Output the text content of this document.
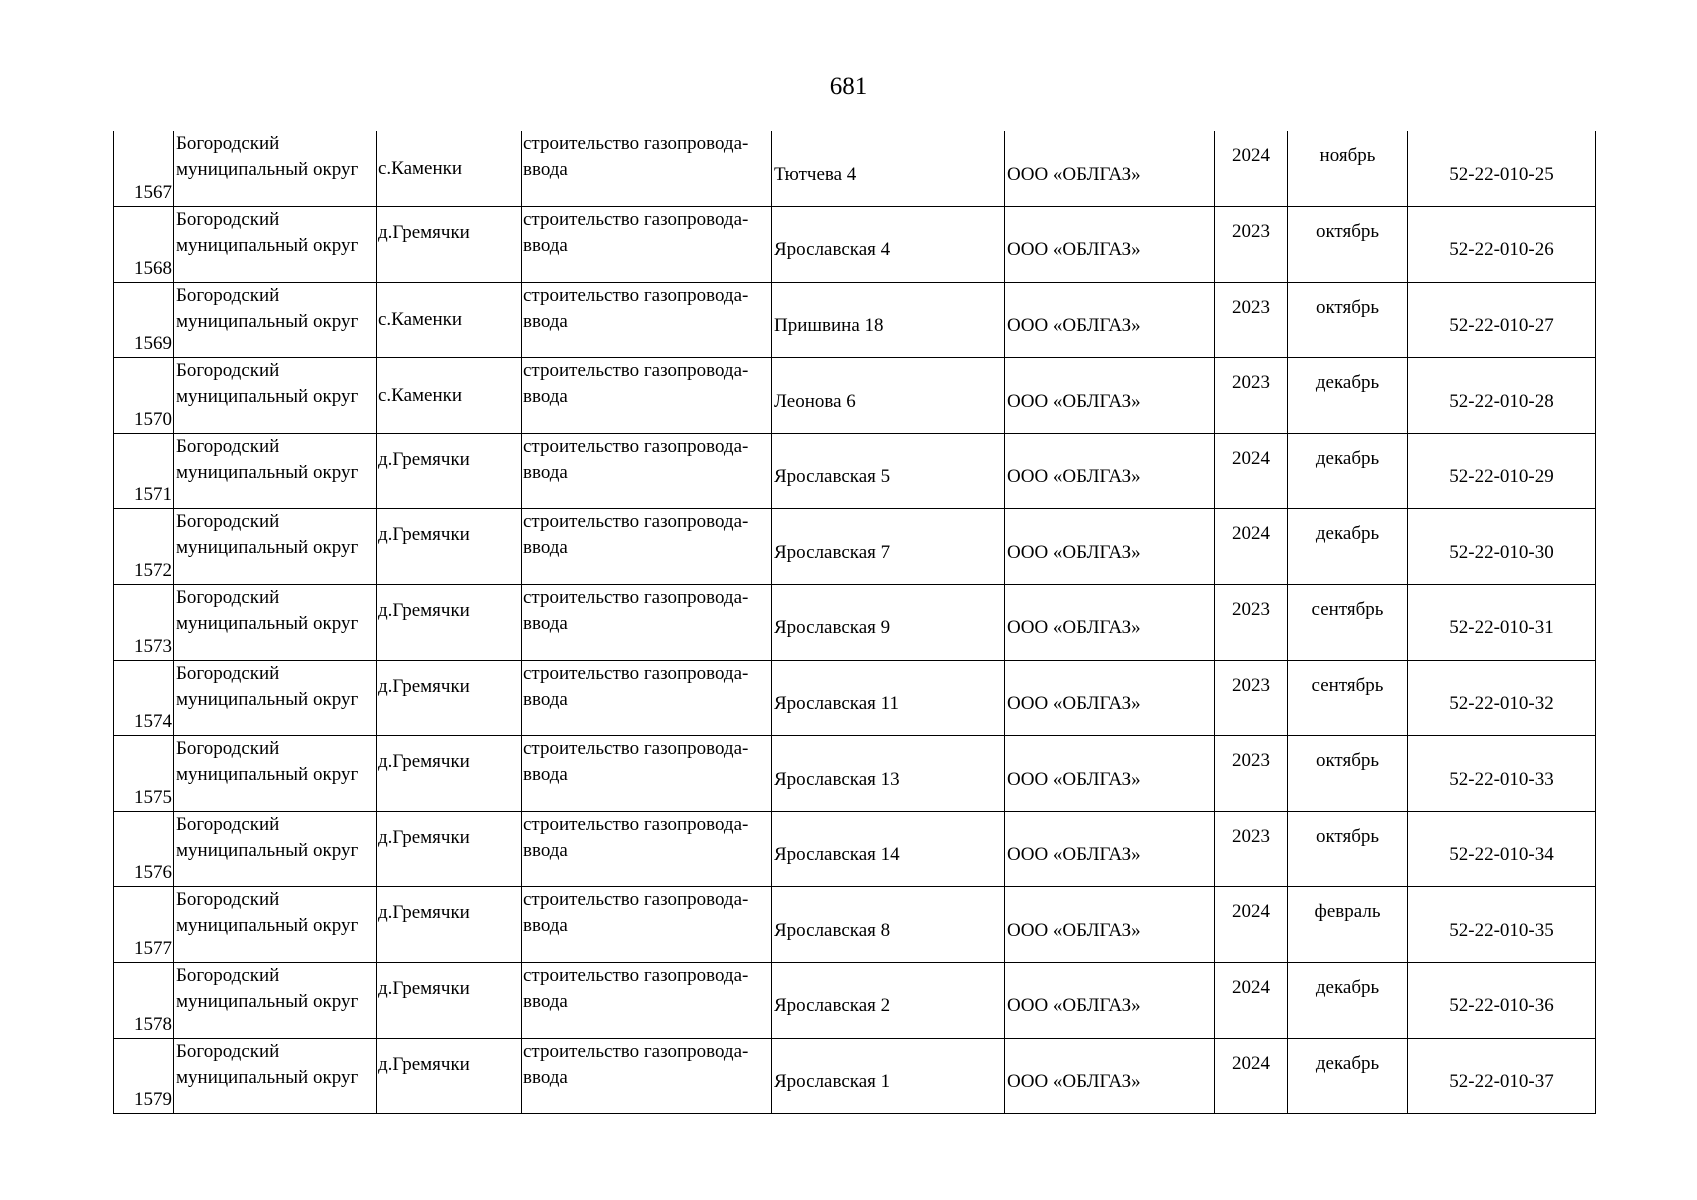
681
1567	Богородский
муниципальный округ	с.Каменки	строительство газопровода-
ввода	Тютчева 4	ООО «ОБЛГАЗ»	2024	ноябрь	52-22-010-25

1568	Богородский
муниципальный округ	д.Гремячки	строительство газопровода-
ввода	Ярославская 4	ООО «ОБЛГАЗ»	2023	октябрь	52-22-010-26

1569	Богородский
муниципальный округ	с.Каменки	строительство газопровода-
ввода	Пришвина 18	ООО «ОБЛГАЗ»	2023	октябрь	52-22-010-27

1570	Богородский
муниципальный округ	с.Каменки	строительство газопровода-
ввода	Леонова 6	ООО «ОБЛГАЗ»	2023	декабрь	52-22-010-28

1571	Богородский
муниципальный округ	д.Гремячки	строительство газопровода-
ввода	Ярославская 5	ООО «ОБЛГАЗ»	2024	декабрь	52-22-010-29

1572	Богородский
муниципальный округ	д.Гремячки	строительство газопровода-
ввода	Ярославская 7	ООО «ОБЛГАЗ»	2024	декабрь	52-22-010-30

1573	Богородский
муниципальный округ	д.Гремячки	строительство газопровода-
ввода	Ярославская 9	ООО «ОБЛГАЗ»	2023	сентябрь	52-22-010-31

1574	Богородский
муниципальный округ	д.Гремячки	строительство газопровода-
ввода	Ярославская 11	ООО «ОБЛГАЗ»	2023	сентябрь	52-22-010-32

1575	Богородский
муниципальный округ	д.Гремячки	строительство газопровода-
ввода	Ярославская 13	ООО «ОБЛГАЗ»	2023	октябрь	52-22-010-33

1576	Богородский
муниципальный округ	д.Гремячки	строительство газопровода-
ввода	Ярославская 14	ООО «ОБЛГАЗ»	2023	октябрь	52-22-010-34

1577	Богородский
муниципальный округ	д.Гремячки	строительство газопровода-
ввода	Ярославская 8	ООО «ОБЛГАЗ»	2024	февраль	52-22-010-35

1578	Богородский
муниципальный округ	д.Гремячки	строительство газопровода-
ввода	Ярославская 2	ООО «ОБЛГАЗ»	2024	декабрь	52-22-010-36

1579	Богородский
муниципальный округ	д.Гремячки	строительство газопровода-
ввода	Ярославская 1	ООО «ОБЛГАЗ»	2024	декабрь	52-22-010-37
